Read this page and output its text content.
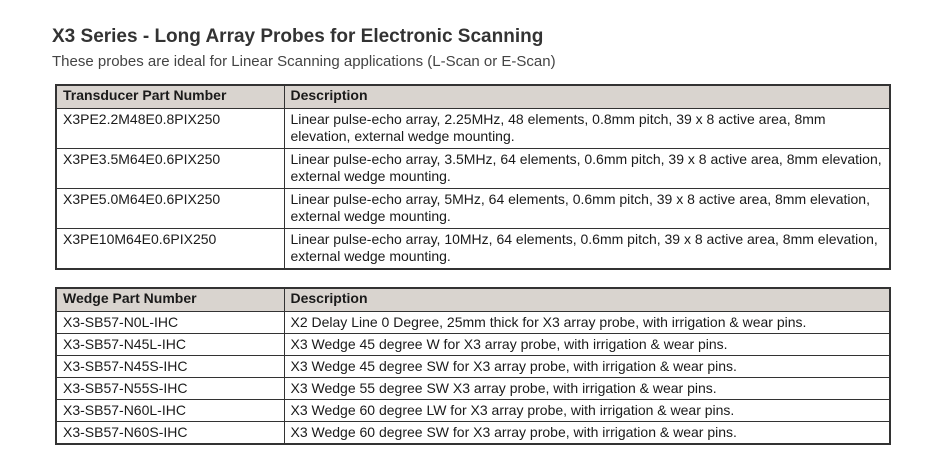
X3 Series - Long Array Probes for Electronic Scanning
These probes are ideal for Linear Scanning applications (L-Scan or E-Scan)
Transducer Part Number	Description
X3PE2.2M48E0.8PIX250	Linear pulse-echo array, 2.25MHz, 48 elements, 0.8mm pitch, 39 x 8 active area, 8mm elevation, external wedge mounting.
X3PE3.5M64E0.6PIX250	Linear pulse-echo array, 3.5MHz, 64 elements, 0.6mm pitch, 39 x 8 active area, 8mm elevation, external wedge mounting.
X3PE5.0M64E0.6PIX250	Linear pulse-echo array, 5MHz, 64 elements, 0.6mm pitch, 39 x 8 active area, 8mm elevation, external wedge mounting.
X3PE10M64E0.6PIX250	Linear pulse-echo array, 10MHz, 64 elements, 0.6mm pitch, 39 x 8 active area, 8mm elevation, external wedge mounting.
Wedge Part Number	Description
X3-SB57-N0L-IHC	X2 Delay Line 0 Degree, 25mm thick for X3 array probe, with irrigation & wear pins.
X3-SB57-N45L-IHC	X3 Wedge 45 degree W for X3 array probe, with irrigation & wear pins.
X3-SB57-N45S-IHC	X3 Wedge 45 degree SW for X3 array probe, with irrigation & wear pins.
X3-SB57-N55S-IHC	X3 Wedge 55 degree SW X3 array probe, with irrigation & wear pins.
X3-SB57-N60L-IHC	X3 Wedge 60 degree LW for X3 array probe, with irrigation & wear pins.
X3-SB57-N60S-IHC	X3 Wedge 60 degree SW for X3 array probe, with irrigation & wear pins.
